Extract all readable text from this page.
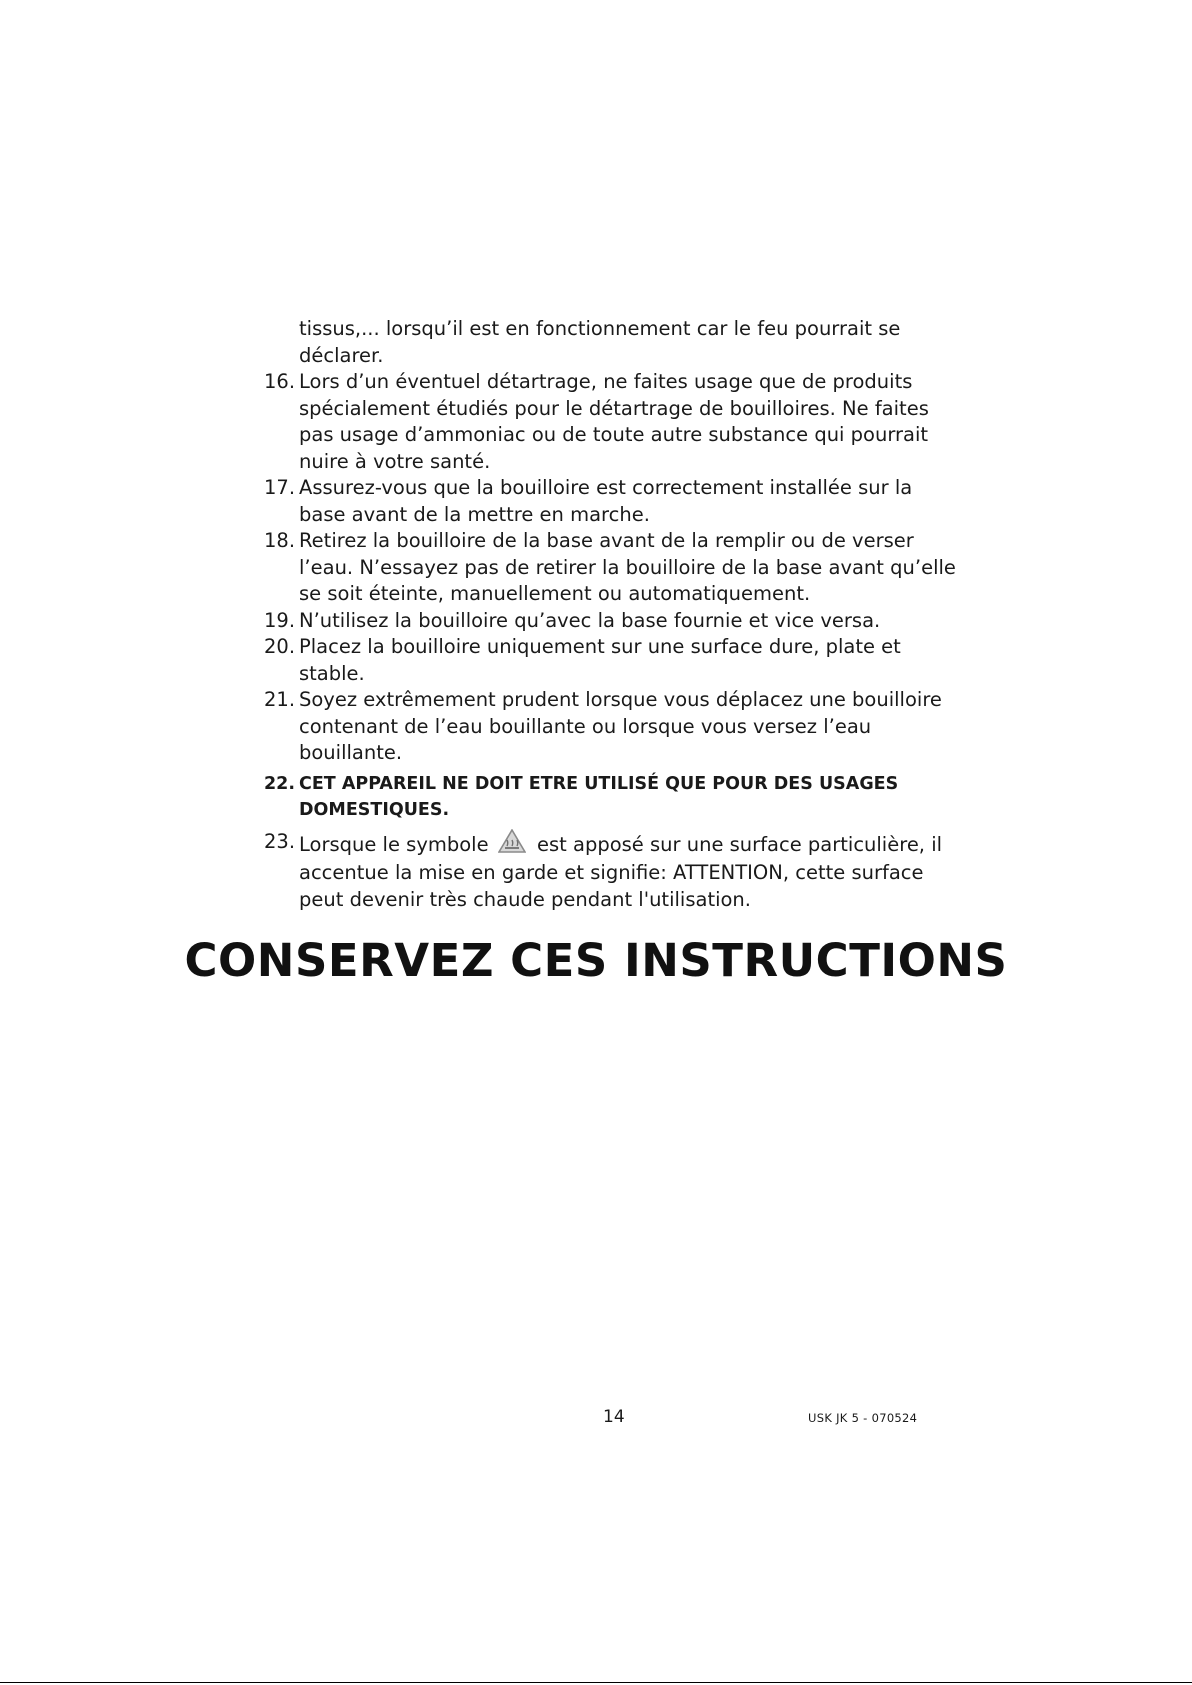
tissus,... lorsqu’il est en fonctionnement car le feu pourrait se déclarer.
16. Lors d’un éventuel détartrage, ne faites usage que de produits spécialement étudiés pour le détartrage de bouilloires. Ne faites pas usage d’ammoniac ou de toute autre substance qui pourrait nuire à votre santé.
17. Assurez-vous que la bouilloire est correctement installée sur la base avant de la mettre en marche.
18. Retirez la bouilloire de la base avant de la remplir ou de verser l’eau. N’essayez pas de retirer la bouilloire de la base avant qu’elle se soit éteinte, manuellement ou automatiquement.
19. N’utilisez la bouilloire qu’avec la base fournie et vice versa.
20. Placez la bouilloire uniquement sur une surface dure, plate et stable.
21. Soyez extrêmement prudent lorsque vous déplacez une bouilloire contenant de l’eau bouillante ou lorsque vous versez l’eau bouillante.
22. CET APPAREIL NE DOIT ETRE UTILISÉ QUE POUR DES USAGES DOMESTIQUES.
23. Lorsque le symbole est apposé sur une surface particulière, il accentue la mise en garde et signifie: ATTENTION, cette surface peut devenir très chaude pendant l'utilisation.
CONSERVEZ CES INSTRUCTIONS
14	USK JK 5 - 070524
